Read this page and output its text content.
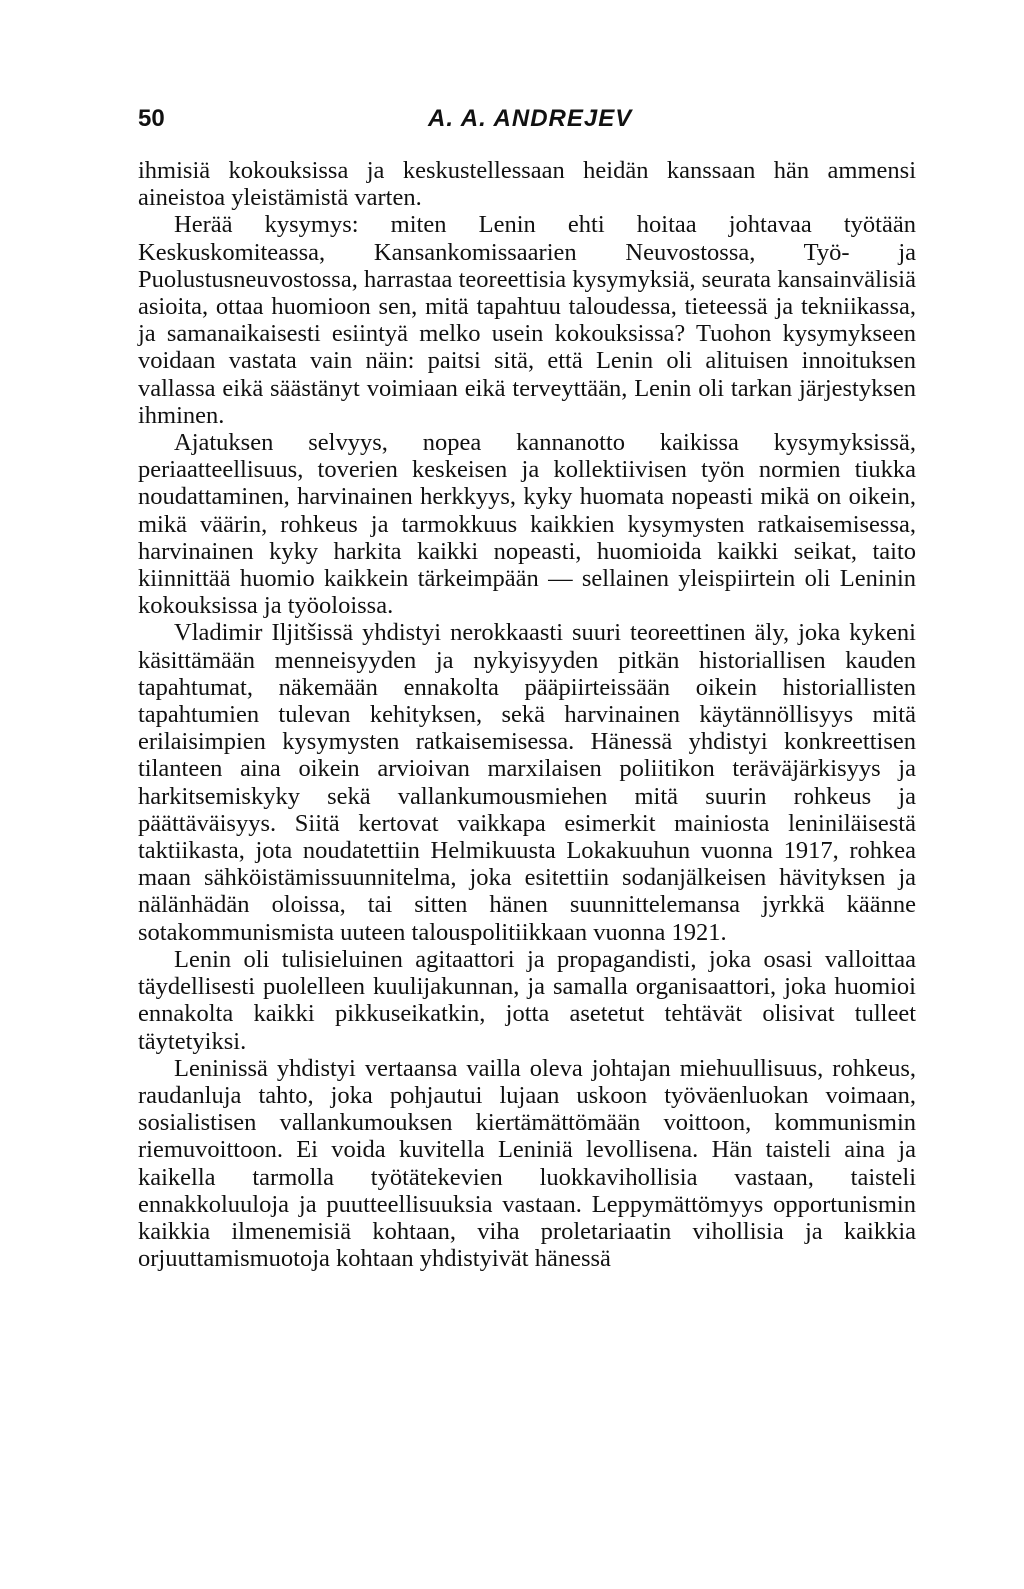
50	A. A. ANDREJEV

ihmisiä kokouksissa ja keskustellessaan heidän kanssaan hän ammensi aineistoa yleistämistä varten.

Herää kysymys: miten Lenin ehti hoitaa johtavaa työtään Keskuskomiteassa, Kansankomissaarien Neuvostossa, Työ- ja Puolustusneuvostossa, harrastaa teoreettisia kysymyksiä, seurata kansainvälisiä asioita, ottaa huomioon sen, mitä tapahtuu taloudessa, tieteessä ja tekniikassa, ja samanaikaisesti esiintyä melko usein kokouksissa? Tuohon kysymykseen voidaan vastata vain näin: paitsi sitä, että Lenin oli alituisen innoituksen vallassa eikä säästänyt voimiaan eikä terveyttään, Lenin oli tarkan järjestyksen ihminen.

Ajatuksen selvyys, nopea kannanotto kaikissa kysymyksissä, periaatteellisuus, toverien keskeisen ja kollektiivisen työn normien tiukka noudattaminen, harvinainen herkkyys, kyky huomata nopeasti mikä on oikein, mikä väärin, rohkeus ja tarmokkuus kaikkien kysymysten ratkaisemisessa, harvinainen kyky harkita kaikki nopeasti, huomioida kaikki seikat, taito kiinnittää huomio kaikkein tärkeimpään — sellainen yleispiirtein oli Leninin kokouksissa ja työoloissa.

Vladimir Iljitšissä yhdistyi nerokkaasti suuri teoreettinen äly, joka kykeni käsittämään menneisyyden ja nykyisyyden pitkän historiallisen kauden tapahtumat, näkemään ennakolta pääpiirteissään oikein historiallisten tapahtumien tulevan kehityksen, sekä harvinainen käytännöllisyys mitä erilaisimpien kysymysten ratkaisemisessa. Hänessä yhdistyi konkreettisen tilanteen aina oikein arvioivan marxilaisen poliitikon teräväjärkisyys ja harkitsemiskyky sekä vallankumousmiehen mitä suurin rohkeus ja päättäväisyys. Siitä kertovat vaikkapa esimerkit mainiosta leniniläisestä taktiikasta, jota noudatettiin Helmikuusta Lokakuuhun vuonna 1917, rohkea maan sähköistämissuunnitelma, joka esitettiin sodanjälkeisen hävityksen ja nälänhädän oloissa, tai sitten hänen suunnittelemansa jyrkkä käänne sotakommunismista uuteen talouspolitiikkaan vuonna 1921.

Lenin oli tulisieluinen agitaattori ja propagandisti, joka osasi valloittaa täydellisesti puolelleen kuulijakunnan, ja samalla organisaattori, joka huomioi ennakolta kaikki pikkuseikatkin, jotta asetetut tehtävät olisivat tulleet täytetyiksi.

Leninissä yhdistyi vertaansa vailla oleva johtajan miehuullisuus, rohkeus, raudanluja tahto, joka pohjautui lujaan uskoon työväenluokan voimaan, sosialistisen vallankumouksen kiertämättömään voittoon, kommunismin riemuvoittoon. Ei voida kuvitella Leniniä levollisena. Hän taisteli aina ja kaikella tarmolla työtätekevien luokkavihollisia vastaan, taisteli ennakkoluuloja ja puutteellisuuksia vastaan. Leppymättömyys opportunismin kaikkia ilmenemisiä kohtaan, viha proletariaatin vihollisia ja kaikkia orjuuttamismuotoja kohtaan yhdistyivät hänessä
